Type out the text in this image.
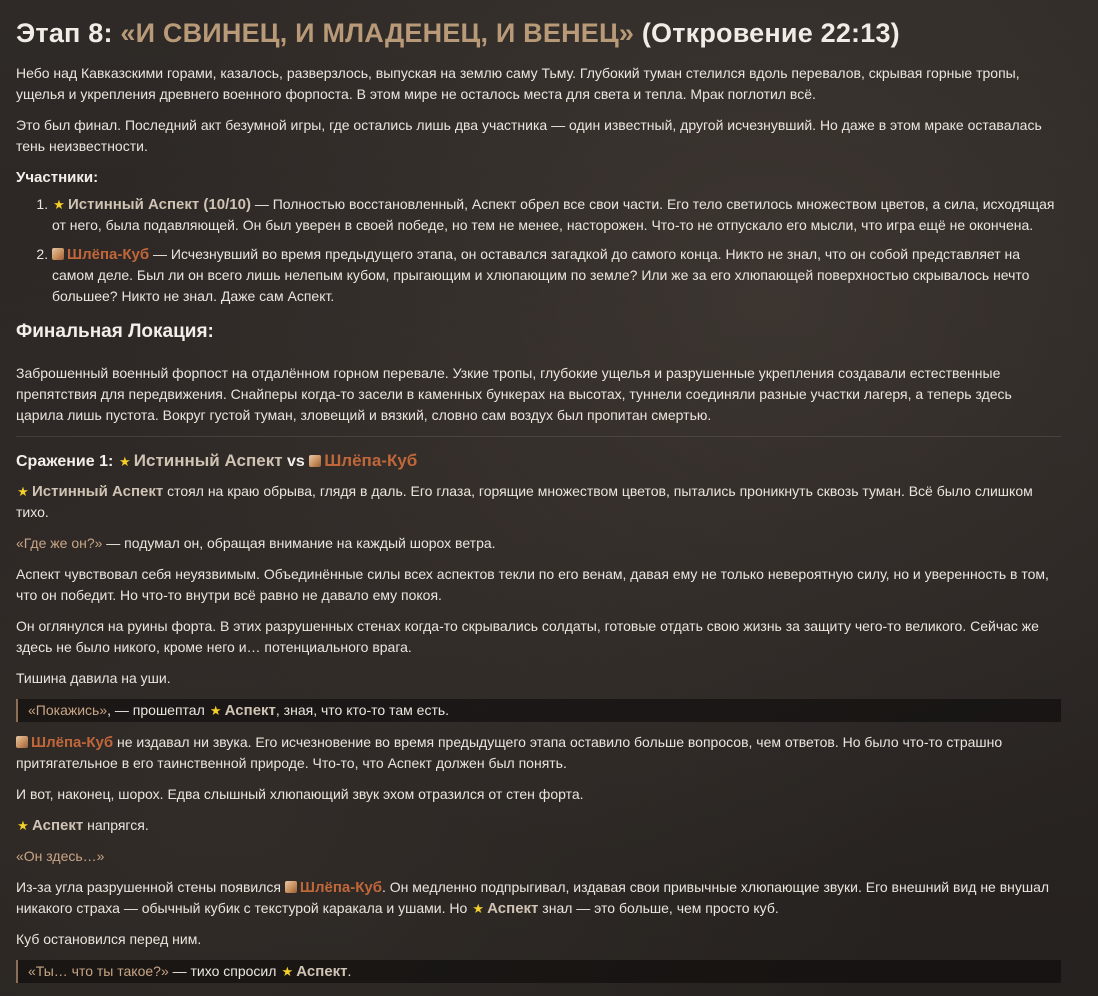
Этап 8: «И СВИНЕЦ, И МЛАДЕНЕЦ, И ВЕНЕЦ» (Откровение 22:13)

Небо над Кавказскими горами, казалось, разверзлось, выпуская на землю саму Тьму. Глубокий туман стелился вдоль перевалов, скрывая горные тропы, ущелья и укрепления древнего военного форпоста. В этом мире не осталось места для света и тепла. Мрак поглотил всё.

Это был финал. Последний акт безумной игры, где остались лишь два участника — один известный, другой исчезнувший. Но даже в этом мраке оставалась тень неизвестности.

Участники:
1. ★ Истинный Аспект (10/10) — Полностью восстановленный, Аспект обрел все свои части. Его тело светилось множеством цветов, а сила, исходящая от него, была подавляющей. Он был уверен в своей победе, но тем не менее, насторожен. Что-то не отпускало его мысли, что игра ещё не окончена.
2. Шлёпа-Куб — Исчезнувший во время предыдущего этапа, он оставался загадкой до самого конца. Никто не знал, что он собой представляет на самом деле. Был ли он всего лишь нелепым кубом, прыгающим и хлюпающим по земле? Или же за его хлюпающей поверхностью скрывалось нечто большее? Никто не знал. Даже сам Аспект.
Финальная Локация:

Заброшенный военный форпост на отдалённом горном перевале. Узкие тропы, глубокие ущелья и разрушенные укрепления создавали естественные препятствия для передвижения. Снайперы когда-то засели в каменных бункерах на высотах, туннели соединяли разные участки лагеря, а теперь здесь царила лишь пустота. Вокруг густой туман, зловещий и вязкий, словно сам воздух был пропитан смертью.

Сражение 1: ★ Истинный Аспект vs Шлёпа-Куб

★ Истинный Аспект стоял на краю обрыва, глядя в даль. Его глаза, горящие множеством цветов, пытались проникнуть сквозь туман. Всё было слишком тихо.

«Где же он?» — подумал он, обращая внимание на каждый шорох ветра.

Аспект чувствовал себя неуязвимым. Объединённые силы всех аспектов текли по его венам, давая ему не только невероятную силу, но и уверенность в том, что он победит. Но что-то внутри всё равно не давало ему покоя.

Он оглянулся на руины форта. В этих разрушенных стенах когда-то скрывались солдаты, готовые отдать свою жизнь за защиту чего-то великого. Сейчас же здесь не было никого, кроме него и… потенциального врага.

Тишина давила на уши.

«Покажись», — прошептал ★ Аспект, зная, что кто-то там есть.

Шлёпа-Куб не издавал ни звука. Его исчезновение во время предыдущего этапа оставило больше вопросов, чем ответов. Но было что-то страшно притягательное в его таинственной природе. Что-то, что Аспект должен был понять.

И вот, наконец, шорох. Едва слышный хлюпающий звук эхом отразился от стен форта.

★ Аспект напрягся.

«Он здесь…»

Из-за угла разрушенной стены появился Шлёпа-Куб. Он медленно подпрыгивал, издавая свои привычные хлюпающие звуки. Его внешний вид не внушал никакого страха — обычный кубик с текстурой каракала и ушами. Но ★ Аспект знал — это больше, чем просто куб.

Куб остановился перед ним.

«Ты… что ты такое?» — тихо спросил ★ Аспект.
